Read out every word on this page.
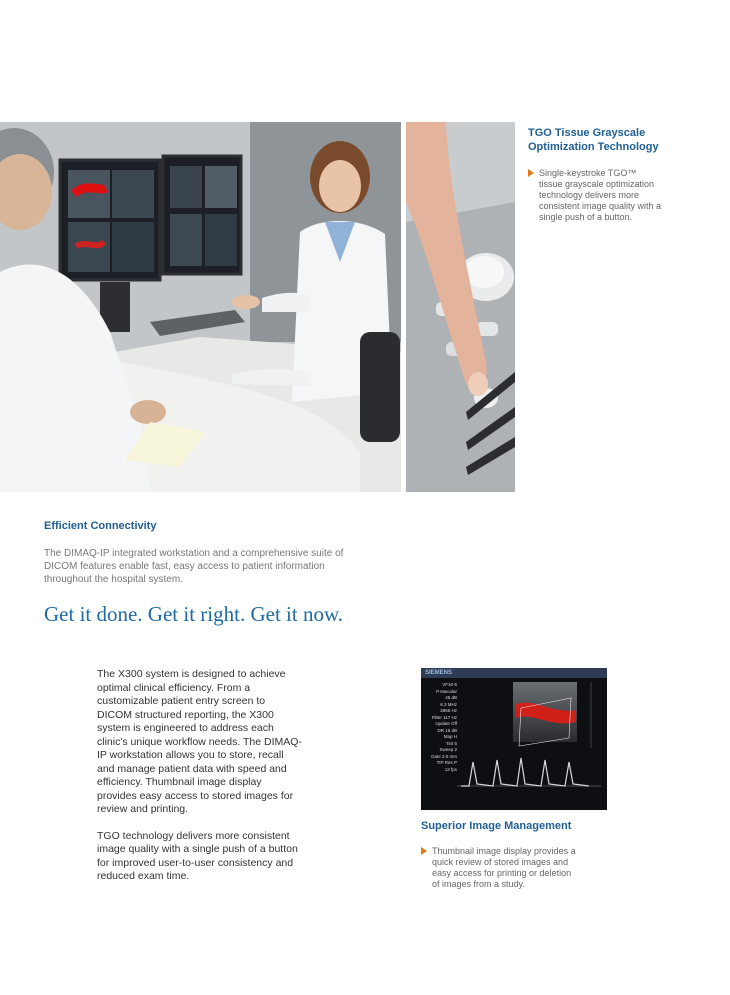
TGO Tissue Grayscale
Optimization Technology
Single-keystroke TGO™ tissue grayscale optimization technology delivers more consistent image quality with a single push of a button.
Efficient Connectivity
The DIMAQ-IP integrated workstation and a comprehensive suite of DICOM features enable fast, easy access to patient information throughout the hospital system.
Get it done. Get it right. Get it now.

The X300 system is designed to achieve optimal clinical efficiency. From a customizable patient entry screen to DICOM structured reporting, the X300 system is engineered to address each clinic's unique workflow needs. The DIMAQ-IP workstation allows you to store, recall and manage patient data with speed and efficiency. Thumbnail image display provides easy access to stored images for review and printing.

TGO technology delivers more consistent image quality with a single push of a button for improved user-to-user consistency and reduced exam time.

SIEMENS
VF10-5
P.Vascular
45 dB
6.3 MHz
2865 Hz
Filter 117 Hz
Update Off
DR 15 dB
Map H
Tint 5
Sweep 2
Gate 2.0 mm
TIP Res P
13 fps
Superior Image Management
Thumbnail image display provides a quick review of stored images and easy access for printing or deletion of images from a study.
